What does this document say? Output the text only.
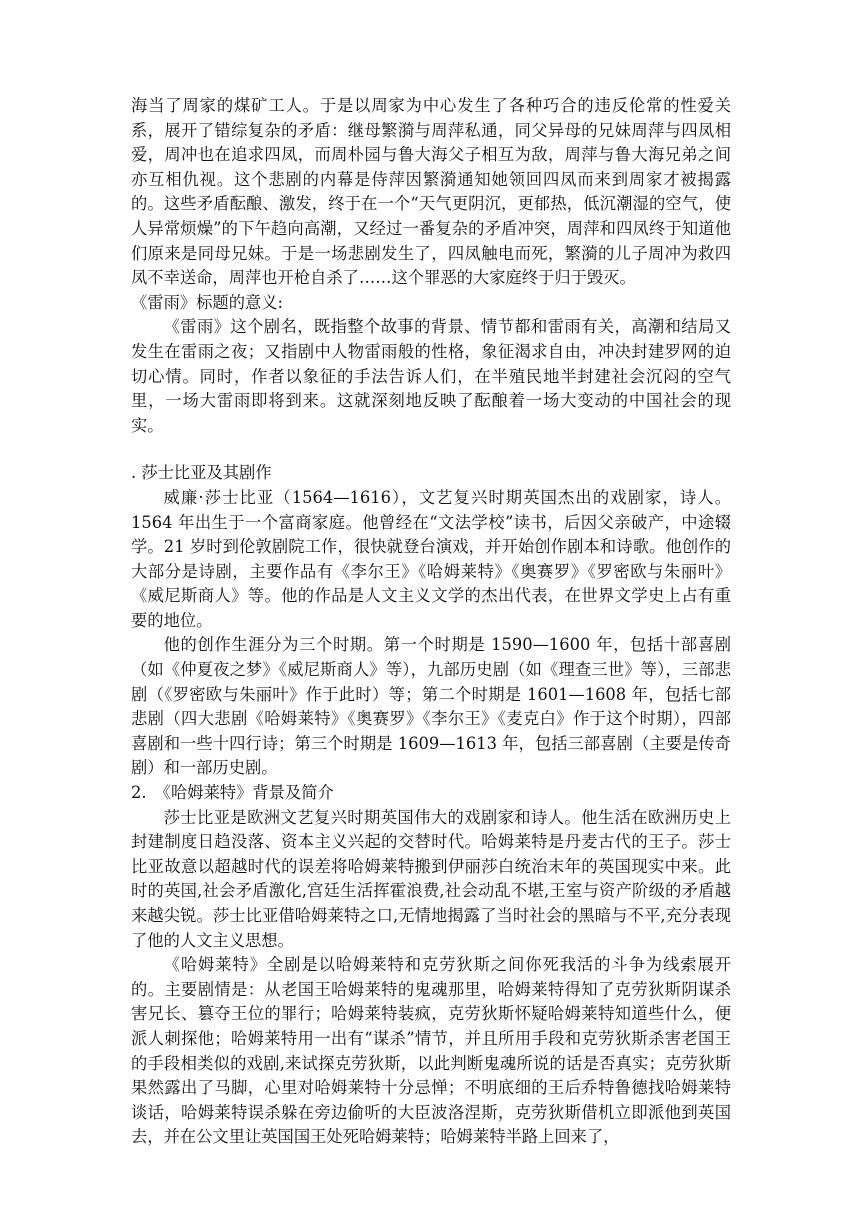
海当了周家的煤矿工人。于是以周家为中心发生了各种巧合的违反伦常的性爱关系，展开了错综复杂的矛盾：继母繁漪与周萍私通，同父异母的兄妹周萍与四凤相爱，周冲也在追求四凤，而周朴园与鲁大海父子相互为敌，周萍与鲁大海兄弟之间亦互相仇视。这个悲剧的内幕是侍萍因繁漪通知她领回四凤而来到周家才被揭露的。这些矛盾酝酿、激发，终于在一个“天气更阴沉，更郁热，低沉潮湿的空气，使人异常烦燥”的下午趋向高潮，又经过一番复杂的矛盾冲突，周萍和四凤终于知道他们原来是同母兄妹。于是一场悲剧发生了，四凤触电而死，繁漪的儿子周冲为救四凤不幸送命，周萍也开枪自杀了……这个罪恶的大家庭终于归于毁灭。

《雷雨》标题的意义:

《雷雨》这个剧名，既指整个故事的背景、情节都和雷雨有关，高潮和结局又发生在雷雨之夜；又指剧中人物雷雨般的性格，象征渴求自由，冲决封建罗网的迫切心情。同时，作者以象征的手法告诉人们，在半殖民地半封建社会沉闷的空气里，一场大雷雨即将到来。这就深刻地反映了酝酿着一场大变动的中国社会的现实。

. 莎士比亚及其剧作

威廉·莎士比亚（1564—1616），文艺复兴时期英国杰出的戏剧家，诗人。1564 年出生于一个富商家庭。他曾经在“文法学校”读书，后因父亲破产，中途辍学。21 岁时到伦敦剧院工作，很快就登台演戏，并开始创作剧本和诗歌。他创作的大部分是诗剧，主要作品有《李尔王》《哈姆莱特》《奥赛罗》《罗密欧与朱丽叶》《威尼斯商人》等。他的作品是人文主义文学的杰出代表，在世界文学史上占有重要的地位。

他的创作生涯分为三个时期。第一个时期是 1590—1600 年，包括十部喜剧（如《仲夏夜之梦》《威尼斯商人》等），九部历史剧（如《理查三世》等），三部悲剧（《罗密欧与朱丽叶》作于此时）等；第二个时期是 1601—1608 年，包括七部悲剧（四大悲剧《哈姆莱特》《奥赛罗》《李尔王》《麦克白》作于这个时期），四部喜剧和一些十四行诗；第三个时期是 1609—1613 年，包括三部喜剧（主要是传奇剧）和一部历史剧。

2.　《哈姆莱特》背景及简介

莎士比亚是欧洲文艺复兴时期英国伟大的戏剧家和诗人。他生活在欧洲历史上封建制度日趋没落、资本主义兴起的交替时代。哈姆莱特是丹麦古代的王子。莎士比亚故意以超越时代的误差将哈姆莱特搬到伊丽莎白统治末年的英国现实中来。此时的英国,社会矛盾激化,宫廷生活挥霍浪费,社会动乱不堪,王室与资产阶级的矛盾越来越尖锐。莎士比亚借哈姆莱特之口,无情地揭露了当时社会的黑暗与不平,充分表现了他的人文主义思想。

《哈姆莱特》全剧是以哈姆莱特和克劳狄斯之间你死我活的斗争为线索展开的。主要剧情是：从老国王哈姆莱特的鬼魂那里，哈姆莱特得知了克劳狄斯阴谋杀害兄长、篡夺王位的罪行；哈姆莱特装疯，克劳狄斯怀疑哈姆莱特知道些什么，便派人刺探他；哈姆莱特用一出有“谋杀”情节，并且所用手段和克劳狄斯杀害老国王的手段相类似的戏剧,来试探克劳狄斯，以此判断鬼魂所说的话是否真实；克劳狄斯果然露出了马脚，心里对哈姆莱特十分忌惮；不明底细的王后乔特鲁德找哈姆莱特谈话，哈姆莱特误杀躲在旁边偷听的大臣波洛涅斯，克劳狄斯借机立即派他到英国去，并在公文里让英国国王处死哈姆莱特；哈姆莱特半路上回来了，
